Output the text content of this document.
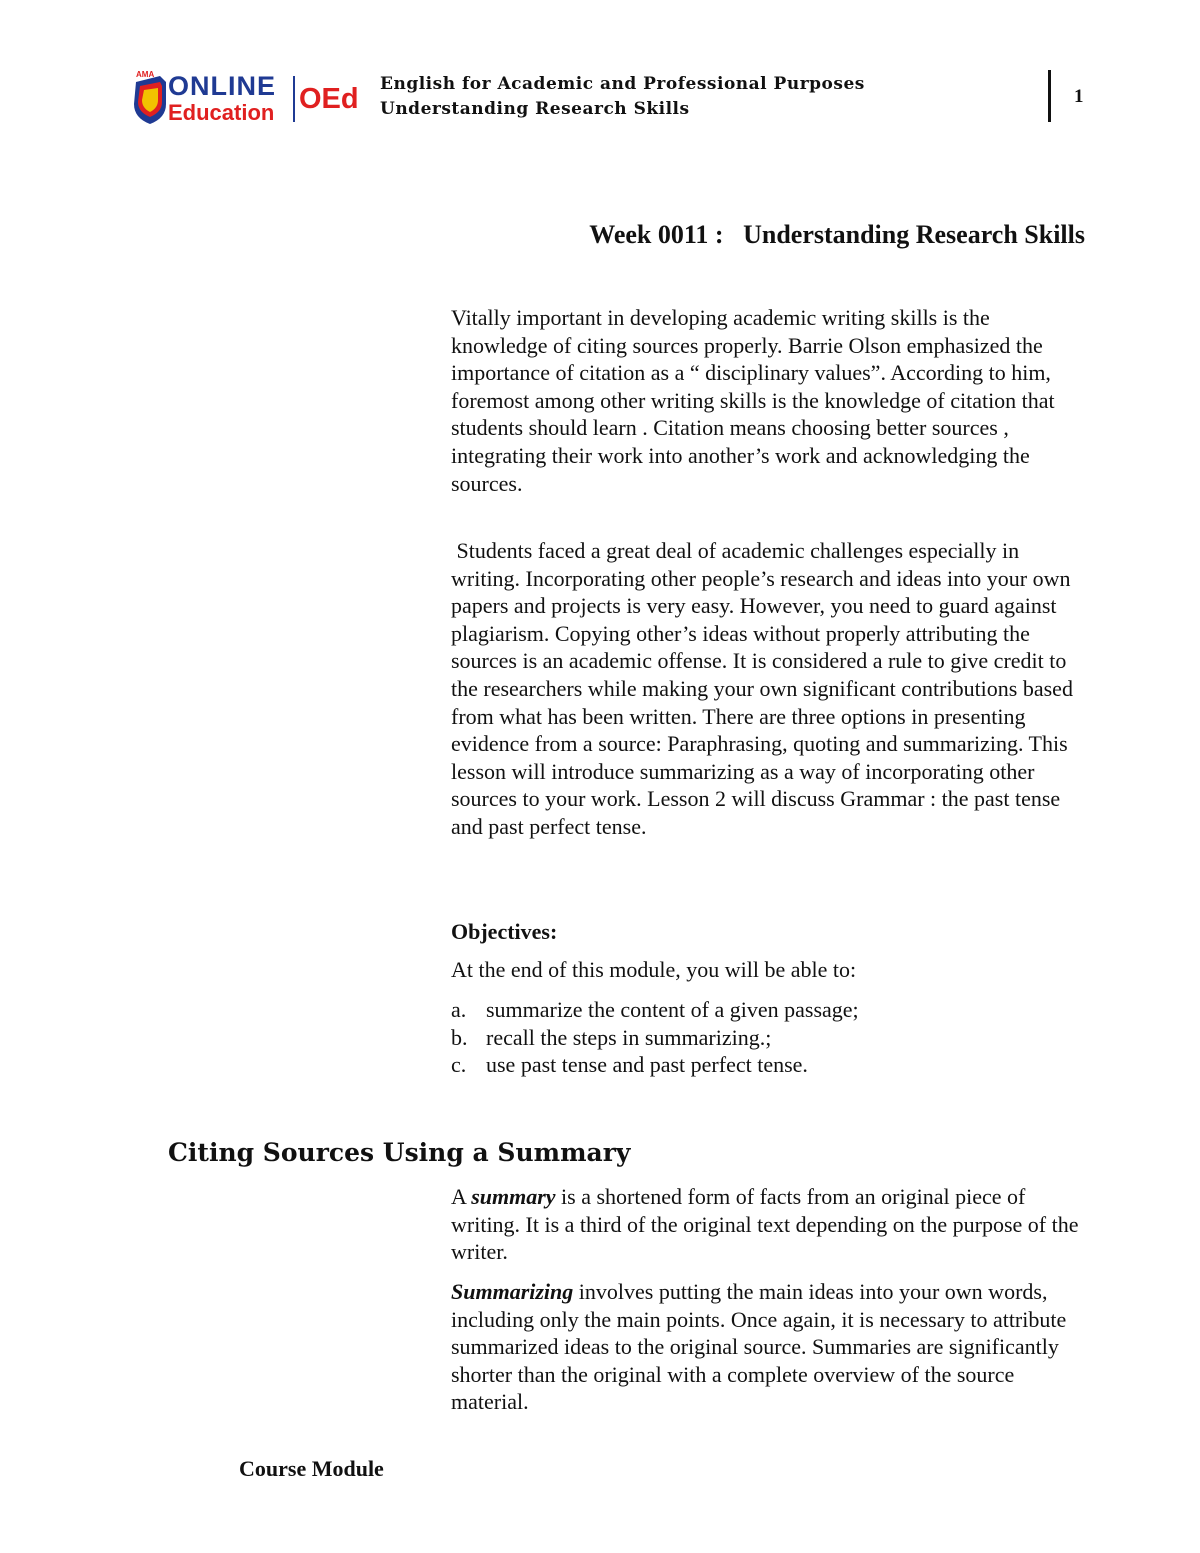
AMA ONLINE
Education OEd English for Academic and Professional Purposes
Understanding Research Skills
1
Week 0011 :   Understanding Research Skills

Vitally important in developing academic writing skills is the knowledge of citing sources properly. Barrie Olson emphasized the importance of citation as a “ disciplinary values”. According to him, foremost among other writing skills is the knowledge of citation that students should learn . Citation means choosing better sources , integrating their work into another’s work and acknowledging the sources.

Students faced a great deal of academic challenges especially in writing. Incorporating other people’s research and ideas into your own papers and projects is very easy. However, you need to guard against plagiarism. Copying other’s ideas without properly attributing the sources is an academic offense. It is considered a rule to give credit to the researchers while making your own significant contributions based from what has been written. There are three options in presenting evidence from a source: Paraphrasing, quoting and summarizing. This lesson will introduce summarizing as a way of incorporating other sources to your work. Lesson 2 will discuss Grammar : the past tense and past perfect tense.

Objectives:
At the end of this module, you will be able to:
a. summarize the content of a given passage;
b. recall the steps in summarizing.;
c. use past tense and past perfect tense.
Citing Sources Using a Summary

A summary is a shortened form of facts from an original piece of writing. It is a third of the original text depending on the purpose of the writer.

Summarizing involves putting the main ideas into your own words, including only the main points. Once again, it is necessary to attribute summarized ideas to the original source. Summaries are significantly shorter than the original with a complete overview of the source material.

Course Module
